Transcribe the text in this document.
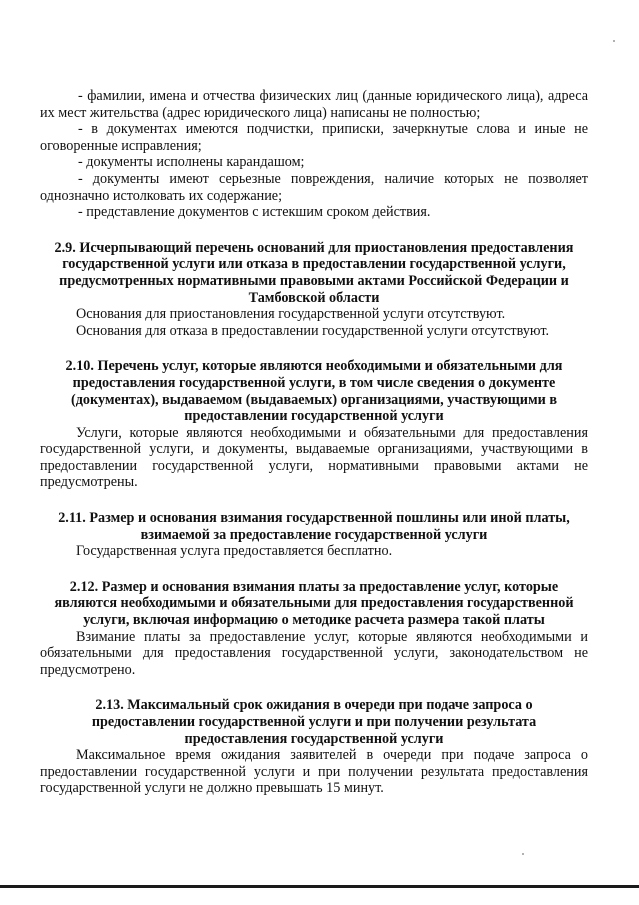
- фамилии, имена и отчества физических лиц (данные юридического лица), адреса их мест жительства (адрес юридического лица) написаны не полностью;

- в документах имеются подчистки, приписки, зачеркнутые слова и иные не оговоренные исправления;

- документы исполнены карандашом;

- документы имеют серьезные повреждения, наличие которых не позволяет однозначно истолковать их содержание;

- представление документов с истекшим сроком действия.

2.9. Исчерпывающий перечень оснований для приостановления предоставления государственной услуги или отказа в предоставлении государственной услуги, предусмотренных нормативными правовыми актами Российской Федерации и Тамбовской области

Основания для приостановления государственной услуги отсутствуют.

Основания для отказа в предоставлении государственной услуги отсутствуют.

2.10. Перечень услуг, которые являются необходимыми и обязательными для предоставления государственной услуги, в том числе сведения о документе (документах), выдаваемом (выдаваемых) организациями, участвующими в предоставлении государственной услуги

Услуги, которые являются необходимыми и обязательными для предоставления государственной услуги, и документы, выдаваемые организациями, участвующими в предоставлении государственной услуги, нормативными правовыми актами не предусмотрены.

2.11. Размер и основания взимания государственной пошлины или иной платы, взимаемой за предоставление государственной услуги

Государственная услуга предоставляется бесплатно.

2.12. Размер и основания взимания платы за предоставление услуг, которые являются необходимыми и обязательными для предоставления государственной услуги, включая информацию о методике расчета размера такой платы

Взимание платы за предоставление услуг, которые являются необходимыми и обязательными для предоставления государственной услуги, законодательством не предусмотрено.

2.13. Максимальный срок ожидания в очереди при подаче запроса о предоставлении государственной услуги и при получении результата предоставления государственной услуги

Максимальное время ожидания заявителей в очереди при подаче запроса о предоставлении государственной услуги и при получении результата предоставления государственной услуги не должно превышать 15 минут.
